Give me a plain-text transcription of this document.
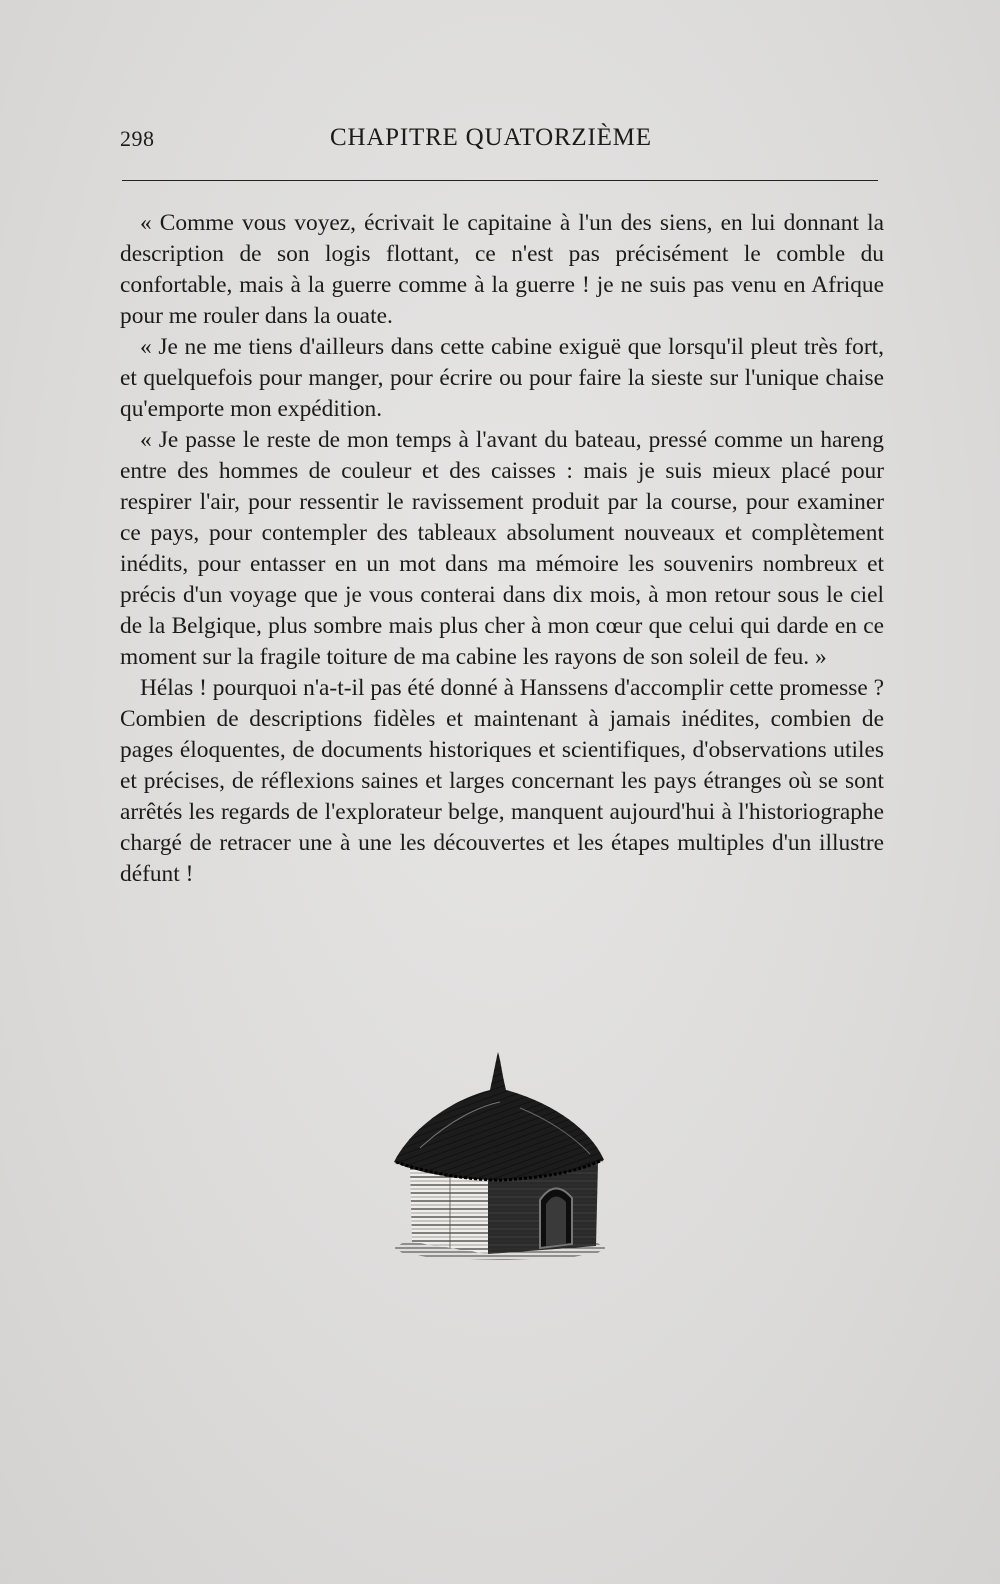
298	CHAPITRE QUATORZIÈME

« Comme vous voyez, écrivait le capitaine à l'un des siens, en lui donnant la description de son logis flottant, ce n'est pas précisément le comble du confortable, mais à la guerre comme à la guerre ! je ne suis pas venu en Afrique pour me rouler dans la ouate.

« Je ne me tiens d'ailleurs dans cette cabine exiguë que lorsqu'il pleut très fort, et quelquefois pour manger, pour écrire ou pour faire la sieste sur l'unique chaise qu'emporte mon expédition.

« Je passe le reste de mon temps à l'avant du bateau, pressé comme un hareng entre des hommes de couleur et des caisses : mais je suis mieux placé pour respirer l'air, pour ressentir le ravissement produit par la course, pour examiner ce pays, pour contempler des tableaux absolument nouveaux et complètement inédits, pour entasser en un mot dans ma mémoire les souvenirs nombreux et précis d'un voyage que je vous conterai dans dix mois, à mon retour sous le ciel de la Belgique, plus sombre mais plus cher à mon cœur que celui qui darde en ce moment sur la fragile toiture de ma cabine les rayons de son soleil de feu. »

Hélas ! pourquoi n'a-t-il pas été donné à Hanssens d'accomplir cette promesse ? Combien de descriptions fidèles et maintenant à jamais inédites, combien de pages éloquentes, de documents historiques et scientifiques, d'observations utiles et précises, de réflexions saines et larges concernant les pays étranges où se sont arrêtés les regards de l'explorateur belge, manquent aujourd'hui à l'historiographe chargé de retracer une à une les découvertes et les étapes multiples d'un illustre défunt !
